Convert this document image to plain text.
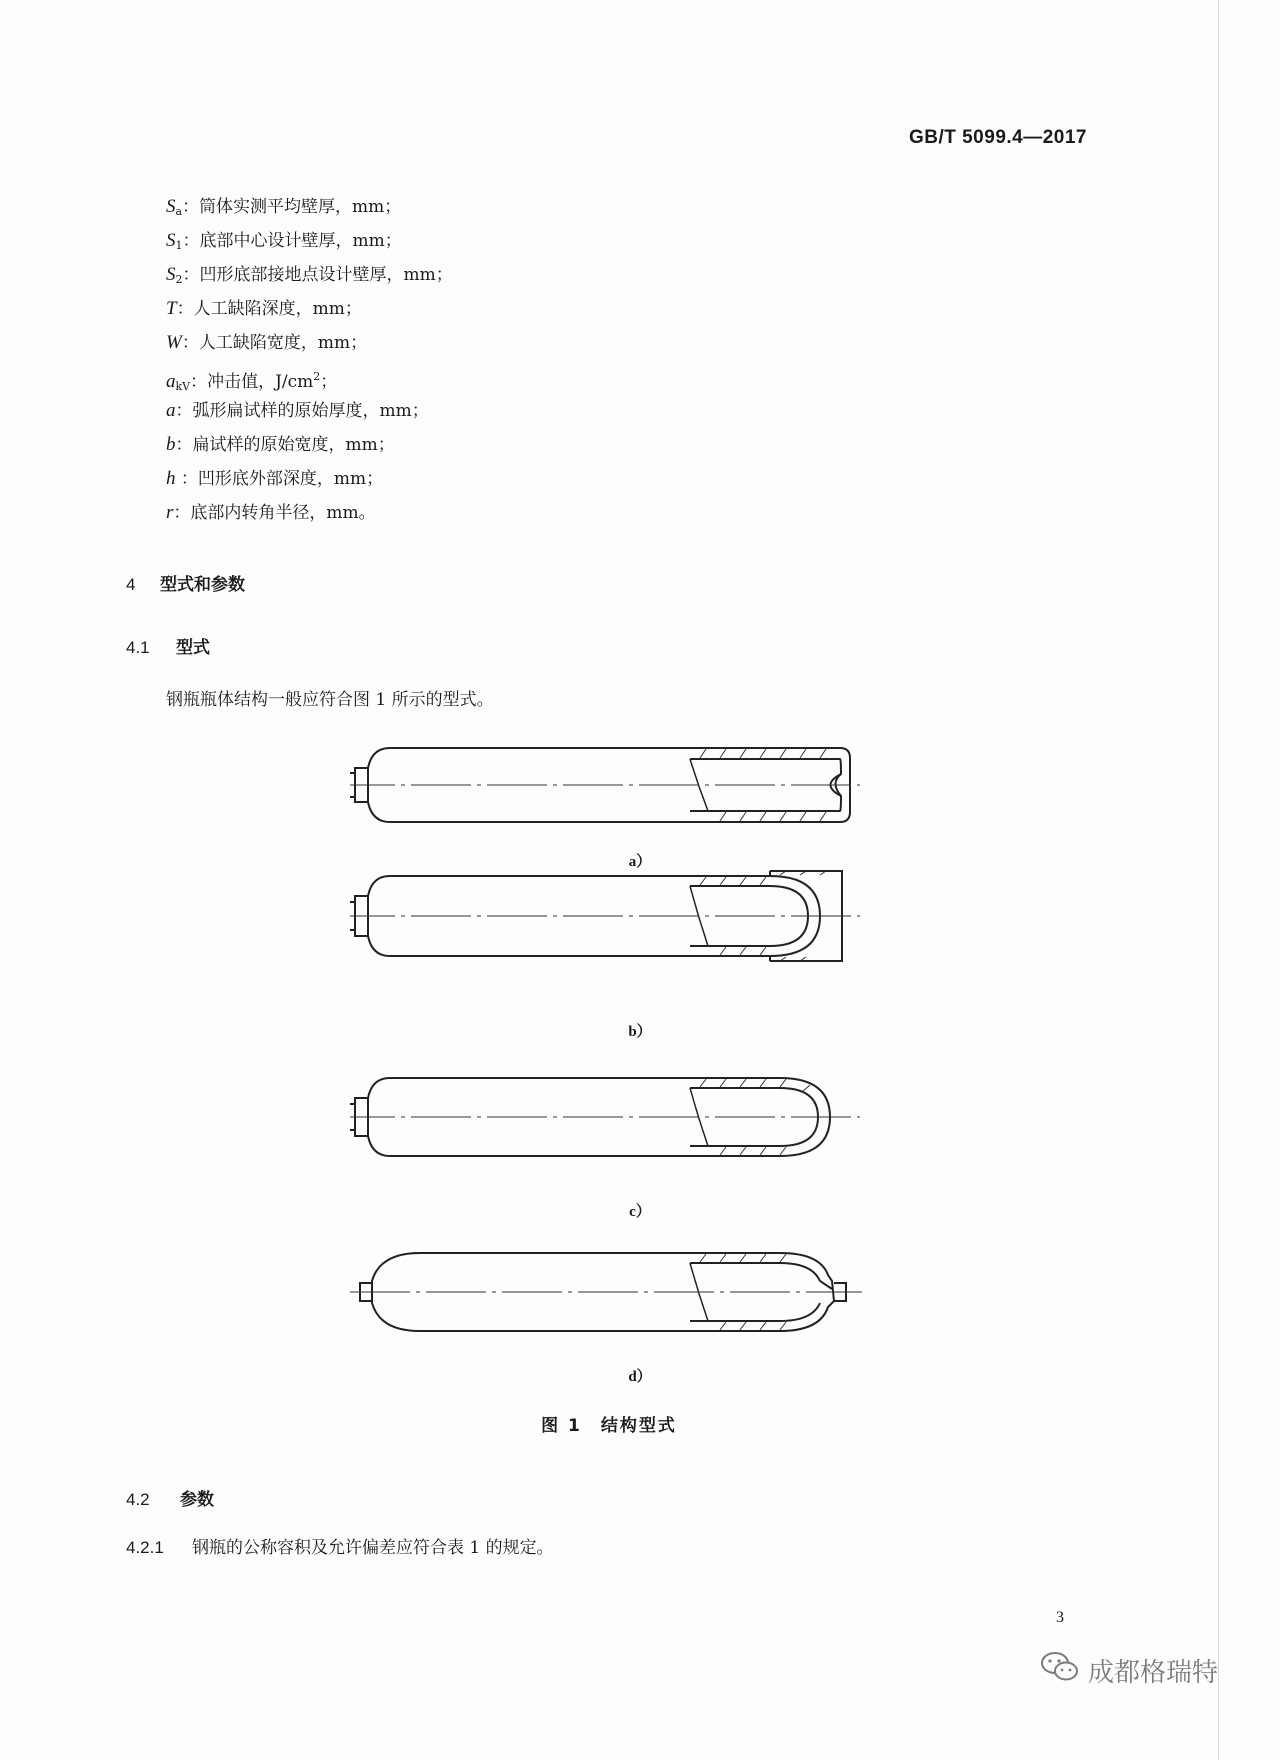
GB/T 5099.4—2017
$S_a$：筒体实测平均壁厚，mm；
$S_1$：底部中心设计壁厚，mm；
$S_2$：凹形底部接地点设计壁厚，mm；
T：人工缺陷深度，mm；
W：人工缺陷宽度，mm；
$a_{kV}$：冲击值，$J/cm^2$；
a：弧形扁试样的原始厚度，mm；
b：扁试样的原始宽度，mm；
h ：凹形底外部深度，mm；
r：底部内转角半径，mm。
4 型式和参数
4.1 型式
钢瓶瓶体结构一般应符合图 1 所示的型式。
a）
b）
c）
d）
图 1　结构型式
4.2 参数
4.2.1 钢瓶的公称容积及允许偏差应符合表 1 的规定。
3
成都格瑞特
